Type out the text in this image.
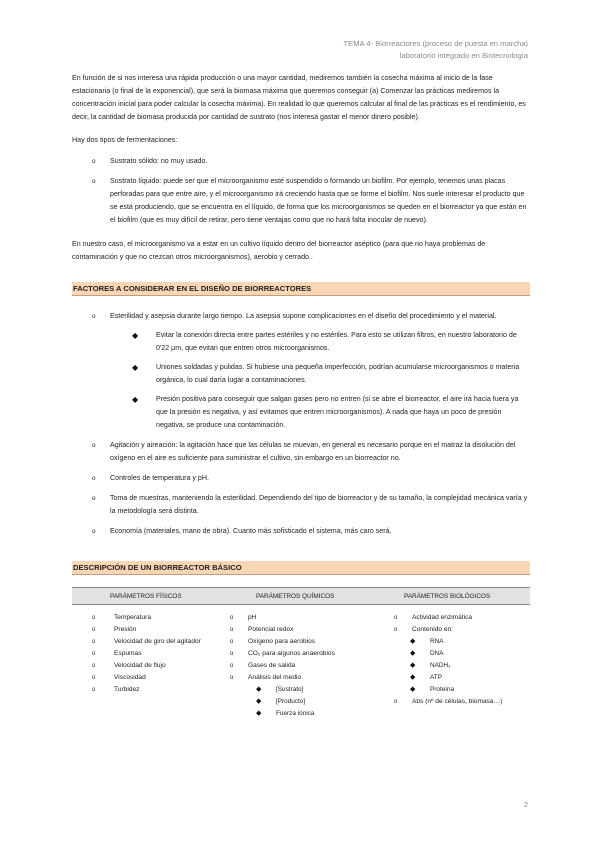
TEMA 4- Biorreactores (proceso de puesta en marcha)
laboratorio integrado en Biotecnología

En función de si nos interesa una rápida producción o una mayor cantidad, mediremos también la cosecha máxima al inicio de la fase estacionaria (o final de la exponencial), que será la biomasa máxima que queremos conseguir (a) Comenzar las prácticas mediremos la concentración inicial para poder calcular la cosecha máxima). En realidad lo que queremos calcular al final de las prácticas es el rendimiento, es decir, la cantidad de biomasa producida por cantidad de sustrato (nos interesa gastar el menor dinero posible).

Hay dos tipos de fermentaciones:

o Sustrato sólido: no muy usado.
o Sustrato líquido: puede ser que el microorganismo esté suspendido o formando un biofilm. Por ejemplo, tenemos unas placas perforadas para que entre aire, y el microorganismo irá creciendo hasta que se forme el biofilm. Nos suele interesar el producto que se está produciendo, que se encuentra en el líquido, de forma que los microorganismos se queden en el biorreactor ya que están en el biofilm (que es muy difícil de retirar, pero tiene ventajas como que no hará falta inocular de nuevo).

En nuestro caso, el microorganismo va a estar en un cultivo líquido dentro del biorreactor aséptico (para que no haya problemas de contaminación y que no crezcan otros microorganismos), aerobio y cerrado..

FACTORES A CONSIDERAR EN EL DISEÑO DE BIORREACTORES
o Esterilidad y asepsia durante largo tiempo. La asepsia supone complicaciones en el diseño del procedimiento y el material.
◆ Evitar la conexión directa entre partes estériles y no estériles. Para esto se utilizan filtros, en nuestro laboratorio de 0'22 µm, que evitan que entren otros microorganismos.
◆ Uniones soldadas y pulidas. Si hubiese una pequeña imperfección, podrían acumularse microorganismos o materia orgánica, lo cual daría lugar a contaminaciones.
◆ Presión positiva para conseguir que salgan gases pero no entren (si se abre el biorreactor, el aire irá hacia fuera ya que la presión es negativa, y así evitamos que entren microorganismos). A nada que haya un poco de presión negativa, se produce una contaminación.
o Agitación y aireación: la agitación hace que las células se muevan, en general es necesario porque en el matraz la disolución del oxígeno en el aire es suficiente para suministrar el cultivo, sin embargo en un biorreactor no.
o Controles de temperatura y pH.
o Toma de muestras, manteniendo la esterilidad. Dependiendo del tipo de biorreactor y de su tamaño, la complejidad mecánica varía y la metodología será distinta.
o Economía (materiales, mano de obra). Cuanto más sofisticado el sistema, más caro será.
DESCRIPCIÓN DE UN BIORREACTOR BÁSICO
PARÁMETROS FÍSICOS	PARÁMETROS QUÍMICOS	PARÁMETROS BIOLÓGICOS
o Temperatura
o Presión
o Velocidad de giro del agitador
o Espumas
o Velocidad de flujo
o Viscosidad
o Turbidez
o pH
o Potencial redox
o Oxígeno para aerobios
o CO₂ para algunos anaerobios
o Gases de salida
o Análisis del medio
◆ [Sustrato]
◆ [Producto]
◆ Fuerza iónica
o Actividad enzimática
o Contenido en:
◆ RNA
◆ DNA
◆ NADH₂
◆ ATP
◆ Proteína
o Abs (nº de células, biomasa…)
2
